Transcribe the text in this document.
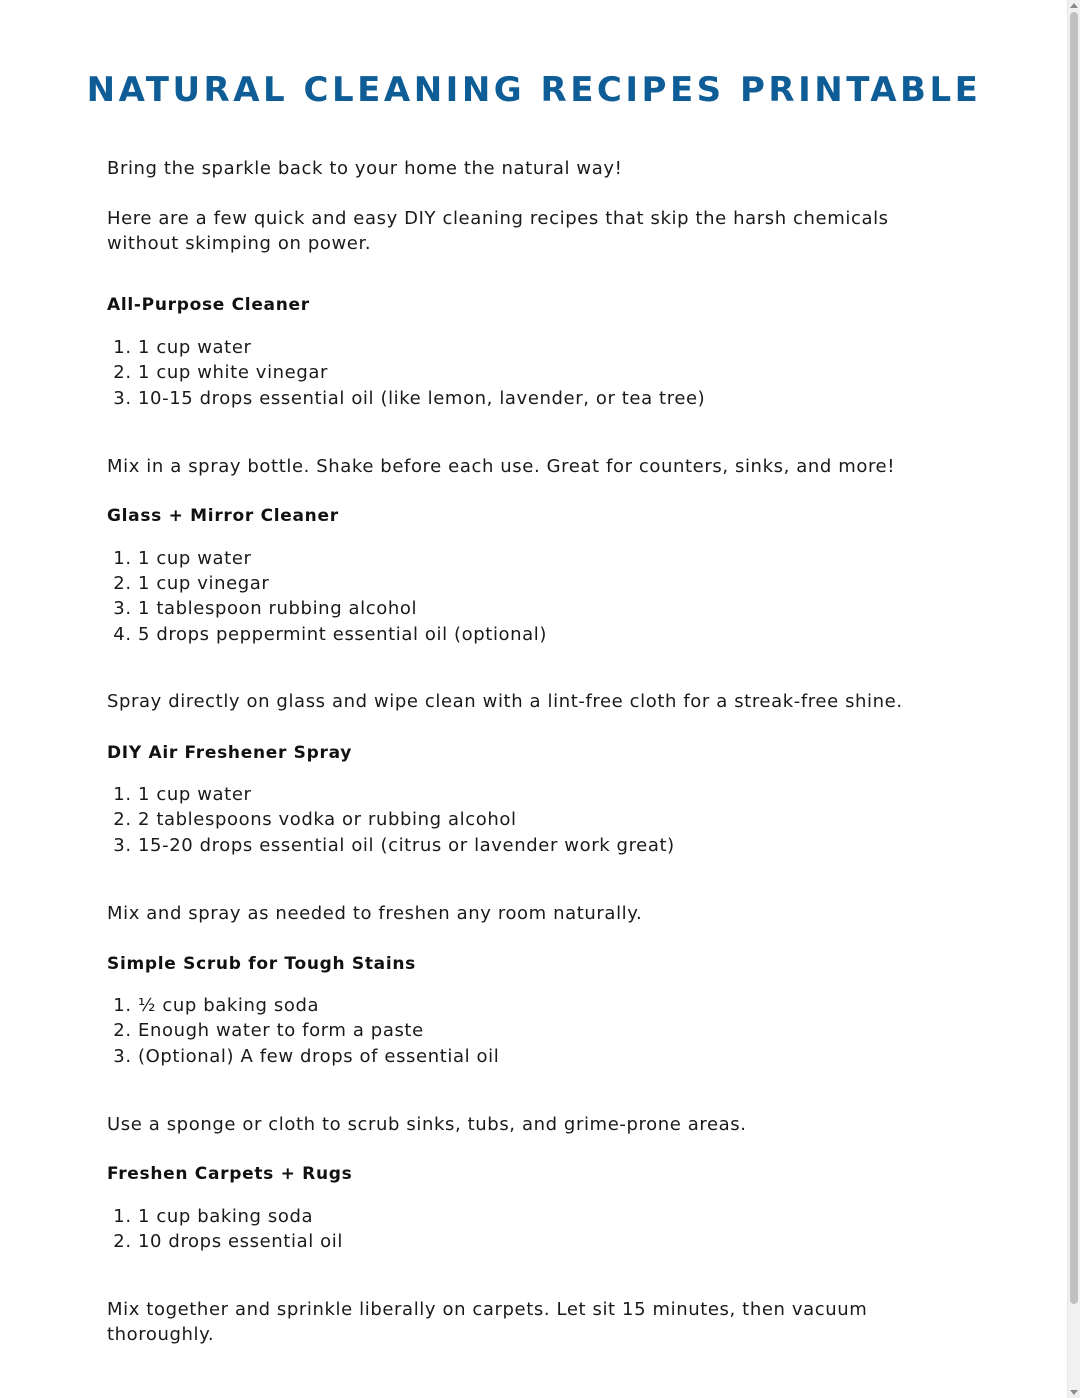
NATURAL CLEANING RECIPES PRINTABLE

Bring the sparkle back to your home the natural way!

Here are a few quick and easy DIY cleaning recipes that skip the harsh chemicals without skimping on power.

All-Purpose Cleaner
1. 1 cup water
2. 1 cup white vinegar
3. 10-15 drops essential oil (like lemon, lavender, or tea tree)

Mix in a spray bottle. Shake before each use. Great for counters, sinks, and more!

Glass + Mirror Cleaner
1. 1 cup water
2. 1 cup vinegar
3. 1 tablespoon rubbing alcohol
4. 5 drops peppermint essential oil (optional)

Spray directly on glass and wipe clean with a lint-free cloth for a streak-free shine.

DIY Air Freshener Spray
1. 1 cup water
2. 2 tablespoons vodka or rubbing alcohol
3. 15-20 drops essential oil (citrus or lavender work great)

Mix and spray as needed to freshen any room naturally.

Simple Scrub for Tough Stains
1. ½ cup baking soda
2. Enough water to form a paste
3. (Optional) A few drops of essential oil

Use a sponge or cloth to scrub sinks, tubs, and grime-prone areas.

Freshen Carpets + Rugs
1. 1 cup baking soda
2. 10 drops essential oil

Mix together and sprinkle liberally on carpets. Let sit 15 minutes, then vacuum thoroughly.
